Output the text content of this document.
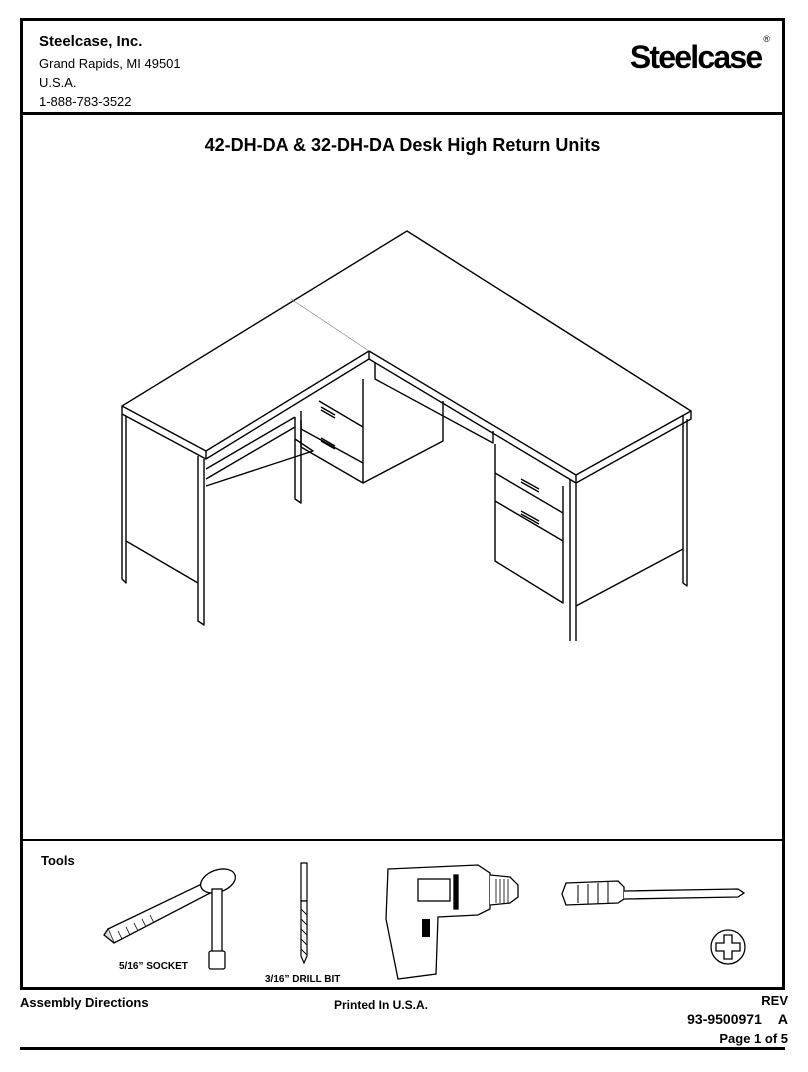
Steelcase, Inc.
Grand Rapids, MI 49501
U.S.A.
1-888-783-3522
Steelcase ®
42-DH-DA & 32-DH-DA Desk High Return Units
Tools
5/16” SOCKET
3/16” DRILL BIT
Assembly Directions	Printed In U.S.A.	REV
93-9500971 A
Page 1 of 5
